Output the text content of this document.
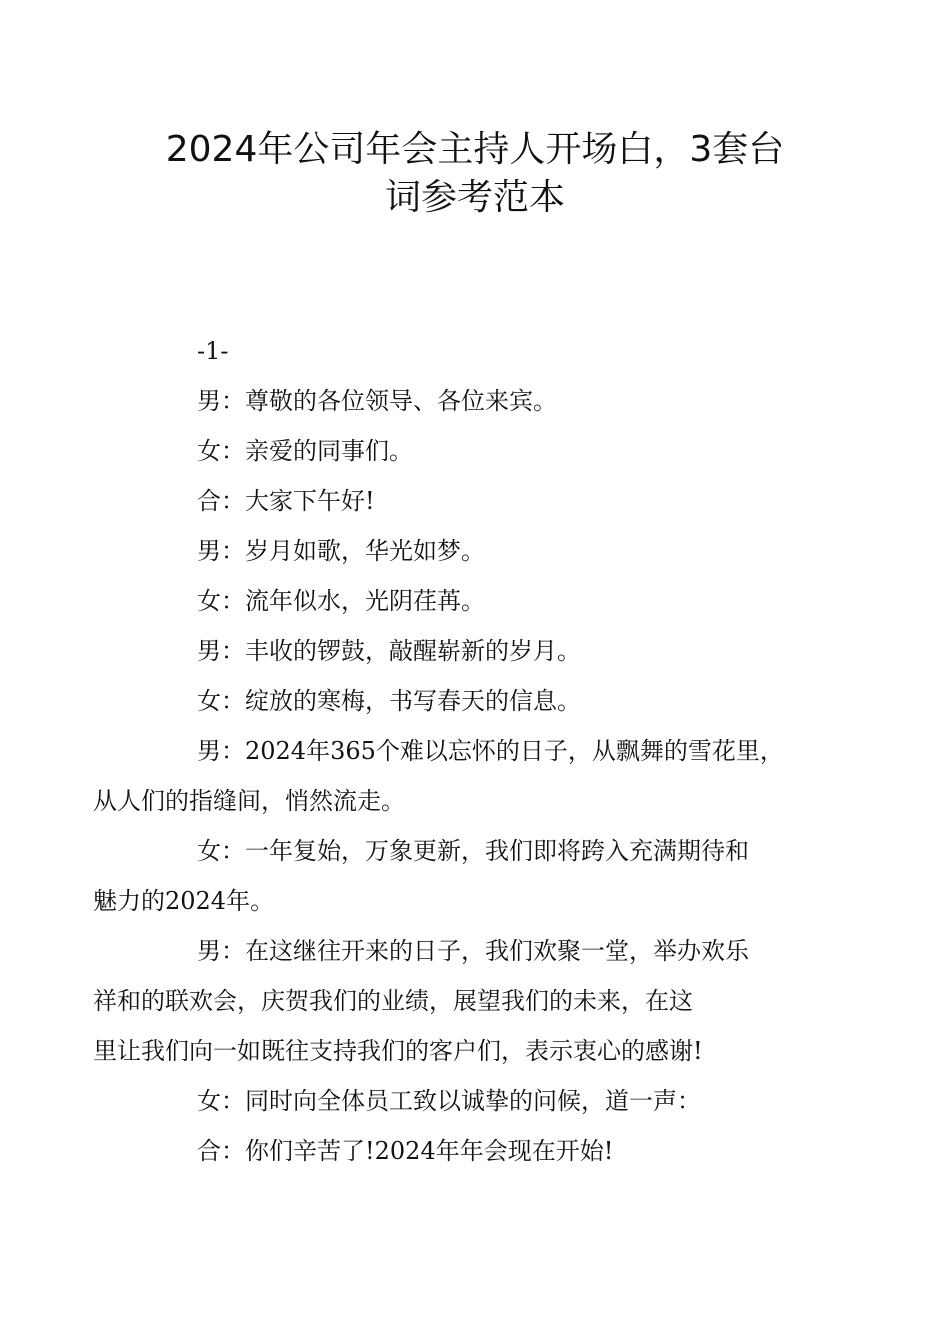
2024年公司年会主持人开场白，3套台
词参考范本

-1-

男：尊敬的各位领导、各位来宾。

女：亲爱的同事们。

合：大家下午好!

男：岁月如歌，华光如梦。

女：流年似水，光阴荏苒。

男：丰收的锣鼓，敲醒崭新的岁月。

女：绽放的寒梅，书写春天的信息。

男：2024年365个难以忘怀的日子，从飘舞的雪花里，
从人们的指缝间，悄然流走。

女：一年复始，万象更新，我们即将跨入充满期待和
魅力的2024年。

男：在这继往开来的日子，我们欢聚一堂，举办欢乐
祥和的联欢会，庆贺我们的业绩，展望我们的未来，在这
里让我们向一如既往支持我们的客户们，表示衷心的感谢!

女：同时向全体员工致以诚挚的问候，道一声：

合：你们辛苦了!2024年年会现在开始!
